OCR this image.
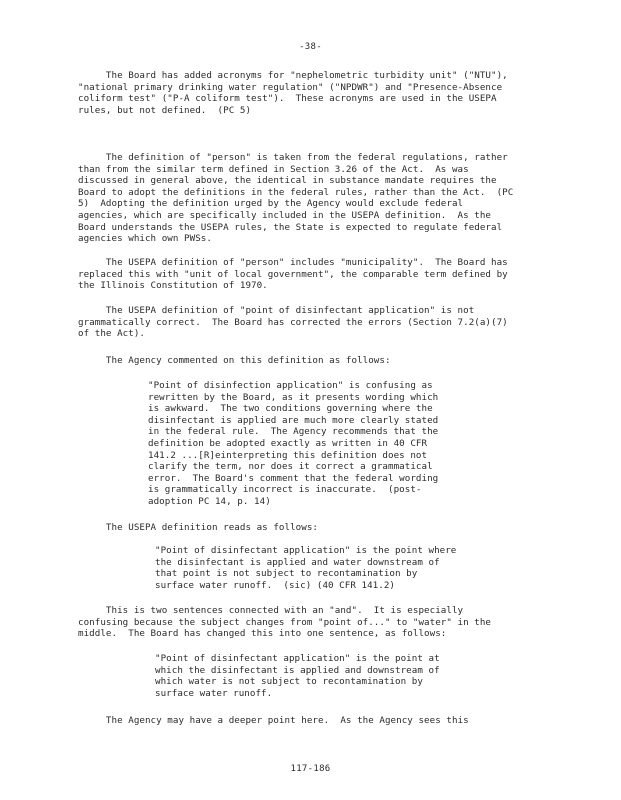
-38-

The Board has added acronyms for "nephelometric turbidity unit" ("NTU"),
"national primary drinking water regulation" ("NPDWR") and "Presence-Absence
coliform test" ("P-A coliform test").  These acronyms are used in the USEPA
rules, but not defined.  (PC 5)

The definition of "person" is taken from the federal regulations, rather
than from the similar term defined in Section 3.26 of the Act.  As was
discussed in general above, the identical in substance mandate requires the
Board to adopt the definitions in the federal rules, rather than the Act.  (PC
5)  Adopting the definition urged by the Agency would exclude federal
agencies, which are specifically included in the USEPA definition.  As the
Board understands the USEPA rules, the State is expected to regulate federal
agencies which own PWSs.

The USEPA definition of "person" includes "municipality".  The Board has
replaced this with "unit of local government", the comparable term defined by
the Illinois Constitution of 1970.

The USEPA definition of "point of disinfectant application" is not
grammatically correct.  The Board has corrected the errors (Section 7.2(a)(7)
of the Act).

The Agency commented on this definition as follows:

"Point of disinfection application" is confusing as
rewritten by the Board, as it presents wording which
is awkward.  The two conditions governing where the
disinfectant is applied are much more clearly stated
in the federal rule.  The Agency recommends that the
definition be adopted exactly as written in 40 CFR
141.2 ...[R]einterpreting this definition does not
clarify the term, nor does it correct a grammatical
error.  The Board's comment that the federal wording
is grammatically incorrect is inaccurate.  (post-
adoption PC 14, p. 14)

The USEPA definition reads as follows:

"Point of disinfectant application" is the point where
the disinfectant is applied and water downstream of
that point is not subject to recontamination by
surface water runoff.  (sic) (40 CFR 141.2)

This is two sentences connected with an "and".  It is especially
confusing because the subject changes from "point of..." to "water" in the
middle.  The Board has changed this into one sentence, as follows:

"Point of disinfectant application" is the point at
which the disinfectant is applied and downstream of
which water is not subject to recontamination by
surface water runoff.

The Agency may have a deeper point here.  As the Agency sees this

117-186
